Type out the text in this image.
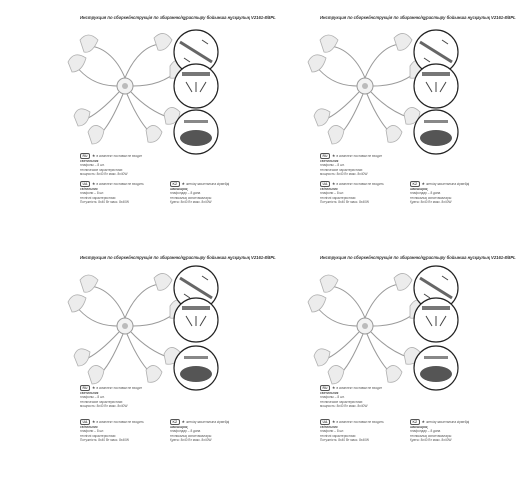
Инструкция по сборке/інструкція по збиранню/құрастыру бойынша нұсқаулық V2161-8/8PL
RU ★в комплект поставки не входит
светильник
плафоны – 8 шт.
технические характеристики:
мощность: 8x40 Вт макс. 8x40W
UA ★в комплект поставки не входить
світильник
плафони – 8 шт.
технічні характеристики:
Потужність: 8x40 Вт макс. 8x40W
KZ ★жеткізу жиынтығына кірмейді
шамшырақ
плафондар – 8 дана
техникалық сипаттамалары:
Қуаты: 8x40 Вт макс. 8x40W
Инструкция по сборке/інструкція по збиранню/құрастыру бойынша нұсқаулық V2161-8/8PL
RU ★в комплект поставки не входит
светильник
плафоны – 8 шт.
технические характеристики:
мощность: 8x40 Вт макс. 8x40W
UA ★в комплект поставки не входить
світильник
плафони – 8 шт.
технічні характеристики:
Потужність: 8x40 Вт макс. 8x40W
KZ ★жеткізу жиынтығына кірмейді
шамшырақ
плафондар – 8 дана
техникалық сипаттамалары:
Қуаты: 8x40 Вт макс. 8x40W
Инструкция по сборке/інструкція по збиранню/құрастыру бойынша нұсқаулық V2161-8/8PL
RU ★в комплект поставки не входит
светильник
плафоны – 8 шт.
технические характеристики:
мощность: 8x40 Вт макс. 8x40W
UA ★в комплект поставки не входить
світильник
плафони – 8 шт.
технічні характеристики:
Потужність: 8x40 Вт макс. 8x40W
KZ ★жеткізу жиынтығына кірмейді
шамшырақ
плафондар – 8 дана
техникалық сипаттамалары:
Қуаты: 8x40 Вт макс. 8x40W
Инструкция по сборке/інструкція по збиранню/құрастыру бойынша нұсқаулық V2161-8/8PL
RU ★в комплект поставки не входит
светильник
плафоны – 8 шт.
технические характеристики:
мощность: 8x40 Вт макс. 8x40W
UA ★в комплект поставки не входить
світильник
плафони – 8 шт.
технічні характеристики:
Потужність: 8x40 Вт макс. 8x40W
KZ ★жеткізу жиынтығына кірмейді
шамшырақ
плафондар – 8 дана
техникалық сипаттамалары:
Қуаты: 8x40 Вт макс. 8x40W
